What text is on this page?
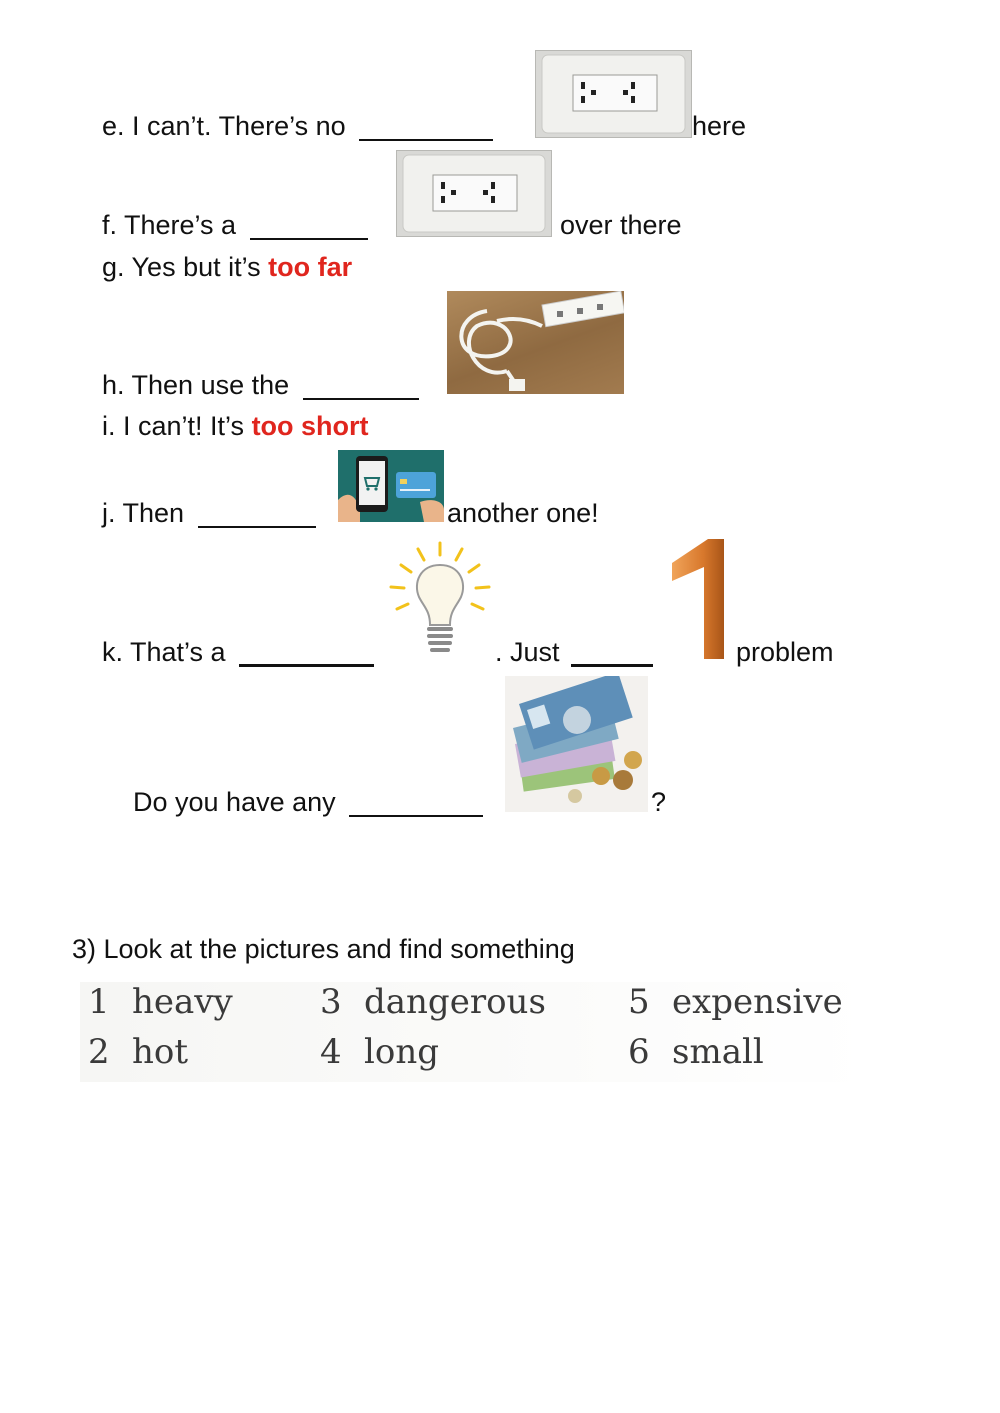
e. I can’t. There’s no	here
f. There’s a	over there
g. Yes but it’s too far
h. Then use the
i. I can’t! It’s too short
j. Then	another one!
k. That’s a	. Just	problem
Do you have any	?
3) Look at the pictures and find something
1 heavy
2 hot
3 dangerous
4 long
5 expensive
6 small
